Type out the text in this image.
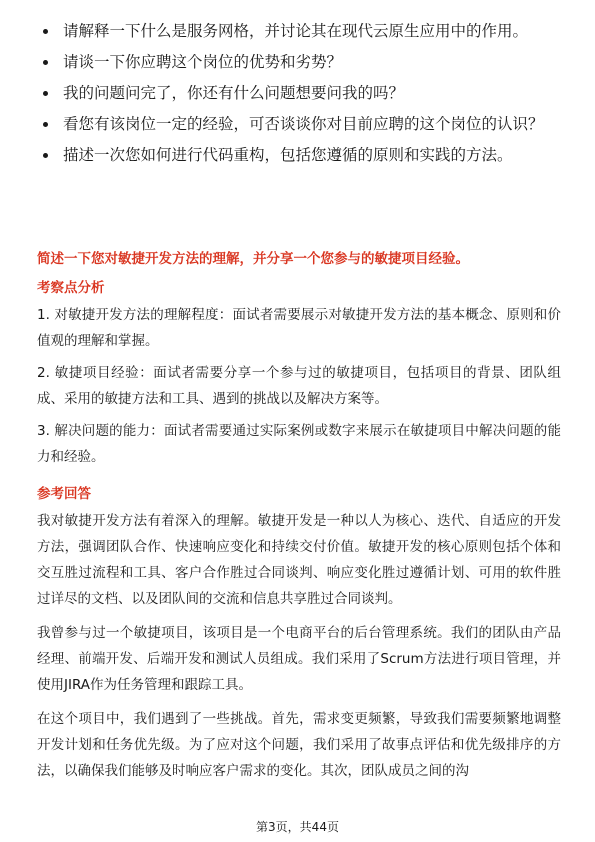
请解释一下什么是服务网格，并讨论其在现代云原生应用中的作用。
请谈一下你应聘这个岗位的优势和劣势？
我的问题问完了，你还有什么问题想要问我的吗？
看您有该岗位一定的经验，可否谈谈你对目前应聘的这个岗位的认识？
描述一次您如何进行代码重构，包括您遵循的原则和实践的方法。
简述一下您对敏捷开发方法的理解，并分享一个您参与的敏捷项目经验。
考察点分析

1. 对敏捷开发方法的理解程度：面试者需要展示对敏捷开发方法的基本概念、原则和价值观的理解和掌握。

2. 敏捷项目经验：面试者需要分享一个参与过的敏捷项目，包括项目的背景、团队组成、采用的敏捷方法和工具、遇到的挑战以及解决方案等。

3. 解决问题的能力：面试者需要通过实际案例或数字来展示在敏捷项目中解决问题的能力和经验。

参考回答

我对敏捷开发方法有着深入的理解。敏捷开发是一种以人为核心、迭代、自适应的开发方法，强调团队合作、快速响应变化和持续交付价值。敏捷开发的核心原则包括个体和交互胜过流程和工具、客户合作胜过合同谈判、响应变化胜过遵循计划、可用的软件胜过详尽的文档、以及团队间的交流和信息共享胜过合同谈判。

我曾参与过一个敏捷项目，该项目是一个电商平台的后台管理系统。我们的团队由产品经理、前端开发、后端开发和测试人员组成。我们采用了Scrum方法进行项目管理，并使用JIRA作为任务管理和跟踪工具。

在这个项目中，我们遇到了一些挑战。首先，需求变更频繁，导致我们需要频繁地调整开发计划和任务优先级。为了应对这个问题，我们采用了故事点评估和优先级排序的方法，以确保我们能够及时响应客户需求的变化。其次，团队成员之间的沟

第3页，共44页
